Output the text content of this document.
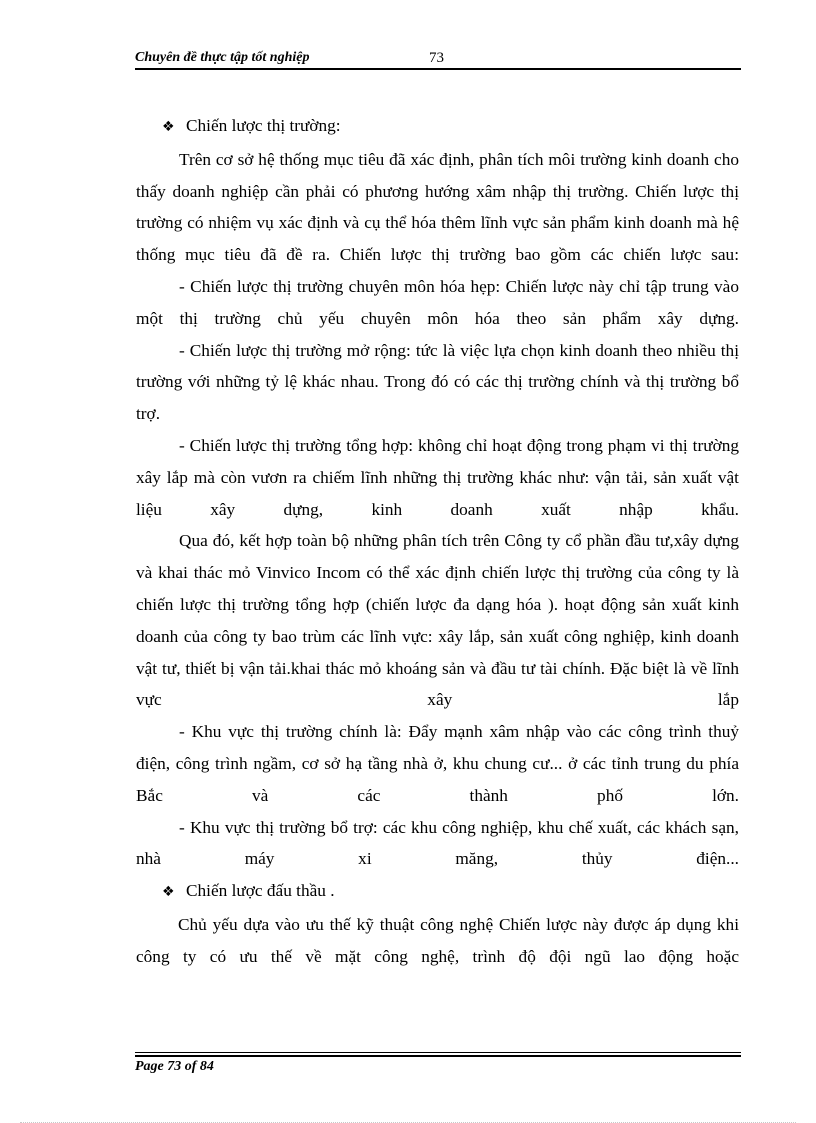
Chuyên đề thực tập tốt nghiệp	73

❖ Chiến lược thị trường:

Trên cơ sở hệ thống mục tiêu đã xác định, phân tích môi trường kinh doanh cho thấy doanh nghiệp cần phải có phương hướng xâm nhập thị trường. Chiến lược thị trường có nhiệm vụ xác định và cụ thể hóa thêm lĩnh vực sản phẩm kinh doanh mà hệ thống mục tiêu đã đề ra. Chiến lược thị trường bao gồm các chiến lược sau:

- Chiến lược thị trường chuyên môn hóa hẹp: Chiến lược này chỉ tập trung vào một thị trường chủ yếu chuyên môn hóa theo sản phẩm xây dựng.

- Chiến lược thị trường mở rộng: tức là việc lựa chọn kinh doanh theo nhiều thị trường với những tỷ lệ khác nhau. Trong đó có các thị trường chính và thị trường bổ trợ.

- Chiến lược thị trường tổng hợp: không chỉ hoạt động trong phạm vi thị trường xây lắp mà còn vươn ra chiếm lĩnh những thị trường khác như: vận tải, sản xuất vật liệu xây dựng, kinh doanh xuất nhập khẩu.

Qua đó, kết hợp toàn bộ những phân tích trên Công ty cổ phần đầu tư,xây dựng và khai thác mỏ Vinvico Incom có thể xác định chiến lược thị trường của công ty là chiến lược thị trường tổng hợp (chiến lược đa dạng hóa ). hoạt động sản xuất kinh doanh của công ty bao trùm các lĩnh vực: xây lắp, sản xuất công nghiệp, kinh doanh vật tư, thiết bị vận tải.khai thác mỏ khoáng sản và đầu tư tài chính. Đặc biệt là về lĩnh vực xây lắp

- Khu vực thị trường chính là: Đẩy mạnh xâm nhập vào các công trình thuỷ điện, công trình ngầm, cơ sở hạ tầng nhà ở, khu chung cư... ở các tỉnh trung du phía Bắc và các thành phố lớn.

- Khu vực thị trường bổ trợ: các khu công nghiệp, khu chế xuất, các khách sạn, nhà máy xi măng, thủy điện...

❖ Chiến lược đấu thầu .

Chủ yếu dựa vào ưu thế kỹ thuật công nghệ Chiến lược này được áp dụng khi công ty có ưu thế về mặt công nghệ, trình độ đội ngũ lao động hoặc

Page 73 of 84
